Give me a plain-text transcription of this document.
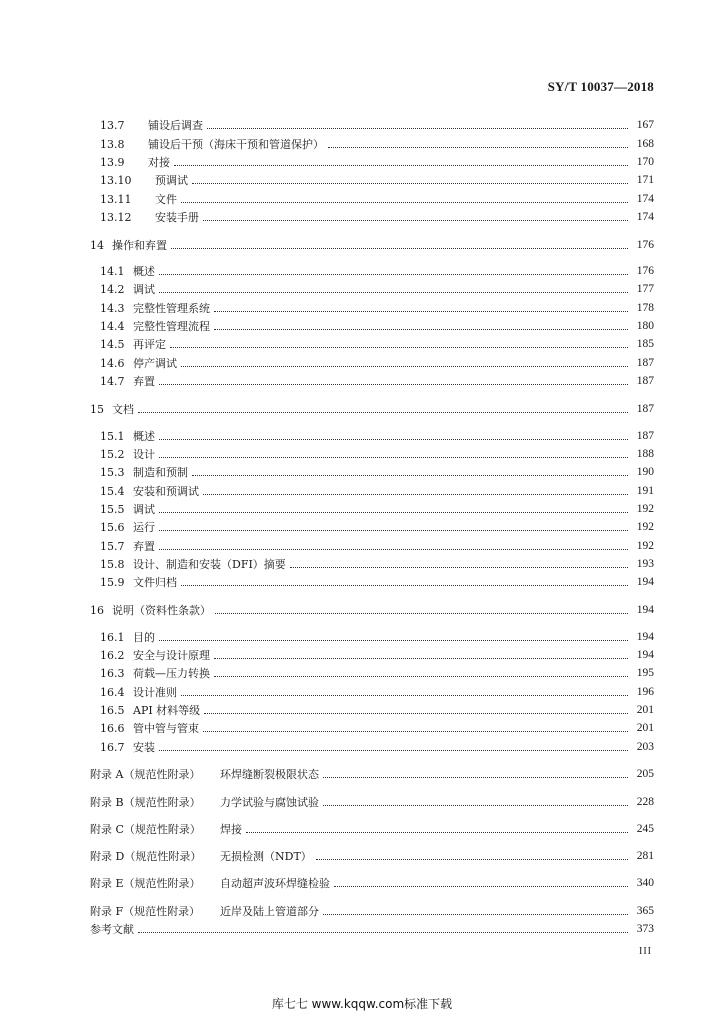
SY/T 10037—2018
13.7	铺设后调查	167
13.8	铺设后干预（海床干预和管道保护）	168
13.9	对接	170
13.10	预调试	171
13.11	文件	174
13.12	安装手册	174
14 操作和弃置	176
14.1 概述	176
14.2 调试	177
14.3 完整性管理系统	178
14.4 完整性管理流程	180
14.5 再评定	185
14.6 停产调试	187
14.7 弃置	187
15 文档	187
15.1 概述	187
15.2 设计	188
15.3 制造和预制	190
15.4 安装和预调试	191
15.5 调试	192
15.6 运行	192
15.7 弃置	192
15.8 设计、制造和安装（DFI）摘要	193
15.9 文件归档	194
16 说明（资料性条款）	194
16.1 目的	194
16.2 安全与设计原理	194
16.3 荷载—压力转换	195
16.4 设计准则	196
16.5 API 材料等级	201
16.6 管中管与管束	201
16.7 安装	203
附录 A（规范性附录）	环焊缝断裂极限状态	205
附录 B（规范性附录）	力学试验与腐蚀试验	228
附录 C（规范性附录）	焊接	245
附录 D（规范性附录）	无损检测（NDT）	281
附录 E（规范性附录）	自动超声波环焊缝检验	340
附录 F（规范性附录）	近岸及陆上管道部分	365
参考文献	373
III
库七七 www.kqqw.com标准下载
